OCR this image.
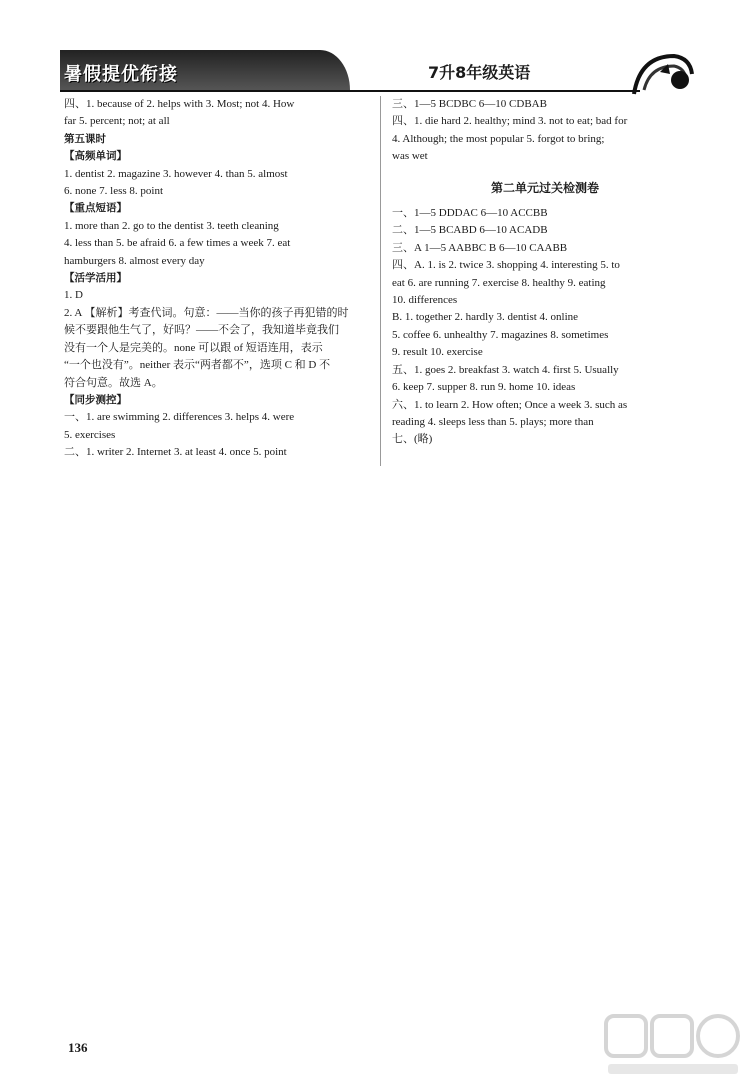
暑假提优衔接	7升8年级英语

四、1. because of 2. helps with 3. Most; not 4. How

far 5. percent; not; at all

第五课时

【高频单词】

1. dentist 2. magazine 3. however 4. than 5. almost

6. none 7. less 8. point

【重点短语】

1. more than 2. go to the dentist 3. teeth cleaning

4. less than 5. be afraid 6. a few times a week 7. eat

hamburgers 8. almost every day

【活学活用】

1. D

2. A 【解析】考查代词。句意：——当你的孩子再犯错的时

候不要跟他生气了，好吗？——不会了，我知道毕竟我们

没有一个人是完美的。none 可以跟 of 短语连用，表示

“一个也没有”。neither 表示“两者都不”，选项 C 和 D 不

符合句意。故选 A。

【同步测控】

一、1. are swimming 2. differences 3. helps 4. were

5. exercises

二、1. writer 2. Internet 3. at least 4. once 5. point

三、1—5 BCDBC 6—10 CDBAB

四、1. die hard 2. healthy; mind 3. not to eat; bad for

4. Although; the most popular 5. forgot to bring;

was wet

第二单元过关检测卷

一、1—5 DDDAC 6—10 ACCBB

二、1—5 BCABD 6—10 ACADB

三、A 1—5 AABBC B 6—10 CAABB

四、A. 1. is 2. twice 3. shopping 4. interesting 5. to

eat 6. are running 7. exercise 8. healthy 9. eating

10. differences

B. 1. together 2. hardly 3. dentist 4. online

5. coffee 6. unhealthy 7. magazines 8. sometimes

9. result 10. exercise

五、1. goes 2. breakfast 3. watch 4. first 5. Usually

6. keep 7. supper 8. run 9. home 10. ideas

六、1. to learn 2. How often; Once a week 3. such as

reading 4. sleeps less than 5. plays; more than

七、(略)

136
